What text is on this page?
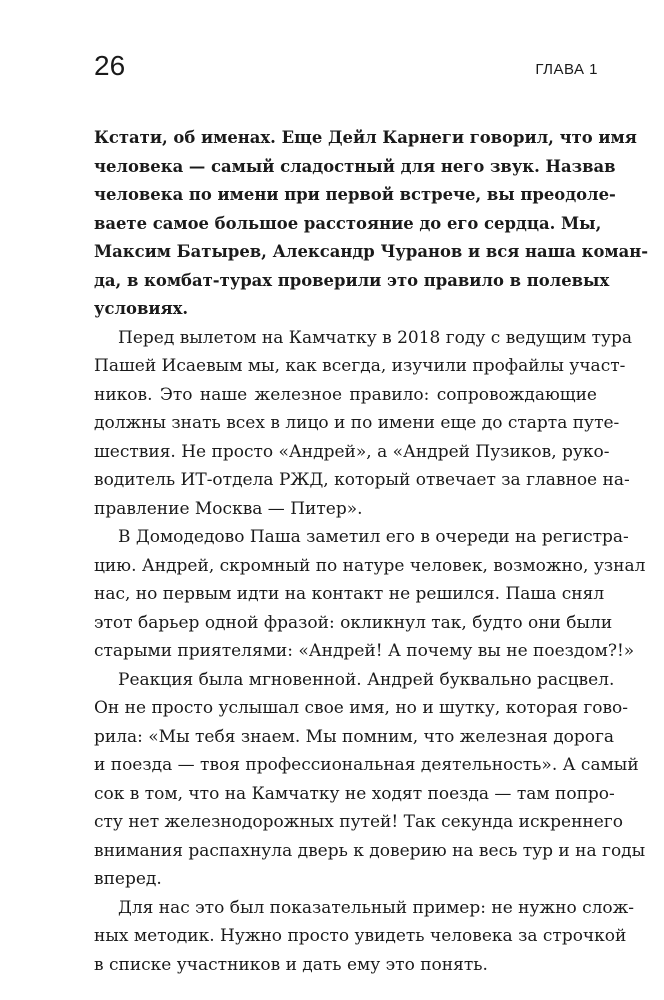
26	ГЛАВА 1
Кстати, об именах. Еще Дейл Карнеги говорил, что имя
человека — самый сладостный для него звук. Назвав
человека по имени при первой встрече, вы преодоле-
ваете самое большое расстояние до его сердца. Мы,
Максим Батырев, Александр Чуранов и вся наша коман-
да, в комбат-турах проверили это правило в полевых
условиях.
Перед вылетом на Камчатку в 2018 году с ведущим тура
Пашей Исаевым мы, как всегда, изучили профайлы участ-
ников. Это наше железное правило: сопровождающие
должны знать всех в лицо и по имени еще до старта путе-
шествия. Не просто «Андрей», а «Андрей Пузиков, руко-
водитель ИТ-отдела РЖД, который отвечает за главное на-
правление Москва — Питер».
В Домодедово Паша заметил его в очереди на регистра-
цию. Андрей, скромный по натуре человек, возможно, узнал
нас, но первым идти на контакт не решился. Паша снял
этот барьер одной фразой: окликнул так, будто они были
старыми приятелями: «Андрей! А почему вы не поездом?!»
Реакция была мгновенной. Андрей буквально расцвел.
Он не просто услышал свое имя, но и шутку, которая гово-
рила: «Мы тебя знаем. Мы помним, что железная дорога
и поезда — твоя профессиональная деятельность». А самый
сок в том, что на Камчатку не ходят поезда — там попро-
сту нет железнодорожных путей! Так секунда искреннего
внимания распахнула дверь к доверию на весь тур и на годы
вперед.
Для нас это был показательный пример: не нужно слож-
ных методик. Нужно просто увидеть человека за строчкой
в списке участников и дать ему это понять.
